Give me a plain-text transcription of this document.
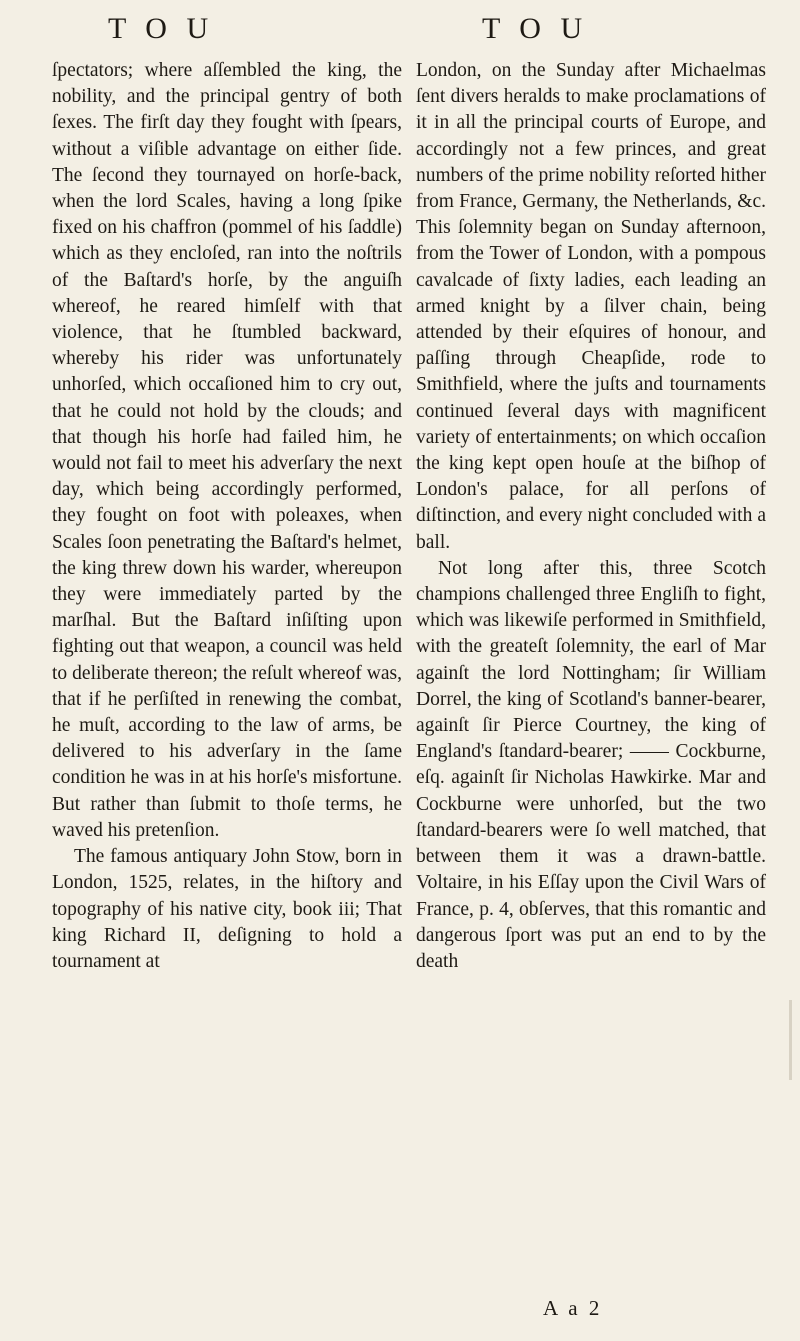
T O U	T O U

ſpectators; where aſſembled the king, the nobility, and the principal gentry of both ſexes. The firſt day they fought with ſpears, without a viſible advantage on either ſide. The ſecond they tournayed on horſe-back, when the lord Scales, having a long ſpike fixed on his chaffron (pommel of his ſaddle) which as they encloſed, ran into the noſtrils of the Baſtard's horſe, by the anguiſh whereof, he reared himſelf with that violence, that he ſtumbled backward, whereby his rider was unfortunately unhorſed, which occaſioned him to cry out, that he could not hold by the clouds; and that though his horſe had failed him, he would not fail to meet his adverſary the next day, which being accordingly performed, they fought on foot with poleaxes, when Scales ſoon penetrating the Baſtard's helmet, the king threw down his warder, whereupon they were immediately parted by the marſhal. But the Baſtard inſiſting upon fighting out that weapon, a council was held to deliberate thereon; the reſult whereof was, that if he perſiſted in renewing the combat, he muſt, according to the law of arms, be delivered to his adverſary in the ſame condition he was in at his horſe's misfortune. But rather than ſubmit to thoſe terms, he waved his pretenſion.

The famous antiquary John Stow, born in London, 1525, relates, in the hiſtory and topography of his native city, book iii; That king Richard II, deſigning to hold a tournament at

London, on the Sunday after Michaelmas ſent divers heralds to make proclamations of it in all the principal courts of Europe, and accordingly not a few princes, and great numbers of the prime nobility reſorted hither from France, Germany, the Netherlands, &c. This ſolemnity began on Sunday afternoon, from the Tower of London, with a pompous cavalcade of ſixty ladies, each leading an armed knight by a ſilver chain, being attended by their eſquires of honour, and paſſing through Cheapſide, rode to Smithfield, where the juſts and tournaments continued ſeveral days with magnificent variety of entertainments; on which occaſion the king kept open houſe at the biſhop of London's palace, for all perſons of diſtinction, and every night concluded with a ball.

Not long after this, three Scotch champions challenged three Engliſh to fight, which was likewiſe performed in Smithfield, with the greateſt ſolemnity, the earl of Mar againſt the lord Nottingham; ſir William Dorrel, the king of Scotland's banner-bearer, againſt ſir Pierce Courtney, the king of England's ſtandard-bearer; —— Cockburne, eſq. againſt ſir Nicholas Hawkirke. Mar and Cockburne were unhorſed, but the two ſtandard-bearers were ſo well matched, that between them it was a drawn-battle. Voltaire, in his Eſſay upon the Civil Wars of France, p. 4, obſerves, that this romantic and dangerous ſport was put an end to by the death

A a 2
